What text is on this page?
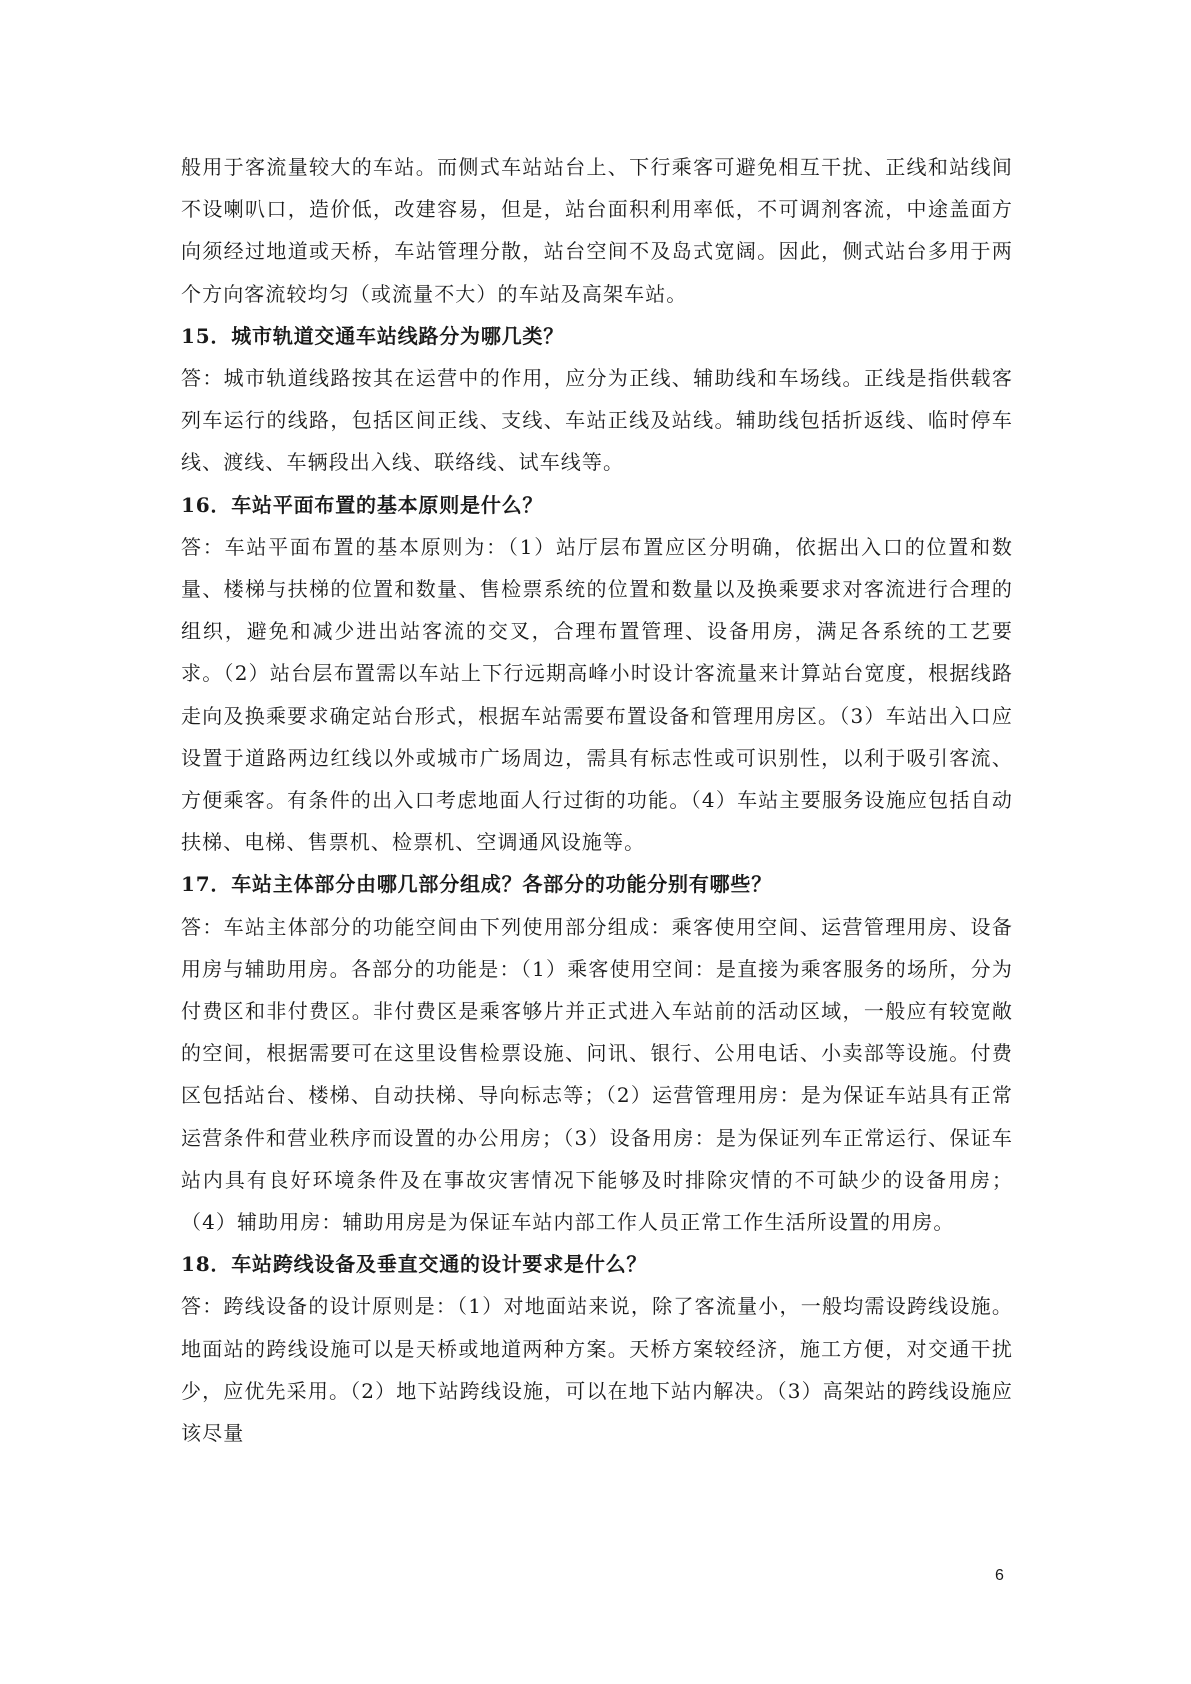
般用于客流量较大的车站。而侧式车站站台上、下行乘客可避免相互干扰、正线和站线间不设喇叭口，造价低，改建容易，但是，站台面积利用率低，不可调剂客流，中途盖面方向须经过地道或天桥，车站管理分散，站台空间不及岛式宽阔。因此，侧式站台多用于两个方向客流较均匀（或流量不大）的车站及高架车站。

15．城市轨道交通车站线路分为哪几类？

答：城市轨道线路按其在运营中的作用，应分为正线、辅助线和车场线。正线是指供载客列车运行的线路，包括区间正线、支线、车站正线及站线。辅助线包括折返线、临时停车线、渡线、车辆段出入线、联络线、试车线等。

16．车站平面布置的基本原则是什么？

答：车站平面布置的基本原则为：（1）站厅层布置应区分明确，依据出入口的位置和数量、楼梯与扶梯的位置和数量、售检票系统的位置和数量以及换乘要求对客流进行合理的组织，避免和减少进出站客流的交叉，合理布置管理、设备用房，满足各系统的工艺要求。（2）站台层布置需以车站上下行远期高峰小时设计客流量来计算站台宽度，根据线路走向及换乘要求确定站台形式，根据车站需要布置设备和管理用房区。（3）车站出入口应设置于道路两边红线以外或城市广场周边，需具有标志性或可识别性，以利于吸引客流、方便乘客。有条件的出入口考虑地面人行过街的功能。（4）车站主要服务设施应包括自动扶梯、电梯、售票机、检票机、空调通风设施等。

17．车站主体部分由哪几部分组成？各部分的功能分别有哪些？

答：车站主体部分的功能空间由下列使用部分组成：乘客使用空间、运营管理用房、设备用房与辅助用房。各部分的功能是：（1）乘客使用空间：是直接为乘客服务的场所，分为付费区和非付费区。非付费区是乘客够片并正式进入车站前的活动区域，一般应有较宽敞的空间，根据需要可在这里设售检票设施、问讯、银行、公用电话、小卖部等设施。付费区包括站台、楼梯、自动扶梯、导向标志等；（2）运营管理用房：是为保证车站具有正常运营条件和营业秩序而设置的办公用房；（3）设备用房：是为保证列车正常运行、保证车站内具有良好环境条件及在事故灾害情况下能够及时排除灾情的不可缺少的设备用房；（4）辅助用房：辅助用房是为保证车站内部工作人员正常工作生活所设置的用房。

18．车站跨线设备及垂直交通的设计要求是什么？

答：跨线设备的设计原则是：（1）对地面站来说，除了客流量小，一般均需设跨线设施。地面站的跨线设施可以是天桥或地道两种方案。天桥方案较经济，施工方便，对交通干扰少，应优先采用。（2）地下站跨线设施，可以在地下站内解决。（3）高架站的跨线设施应该尽量

6
